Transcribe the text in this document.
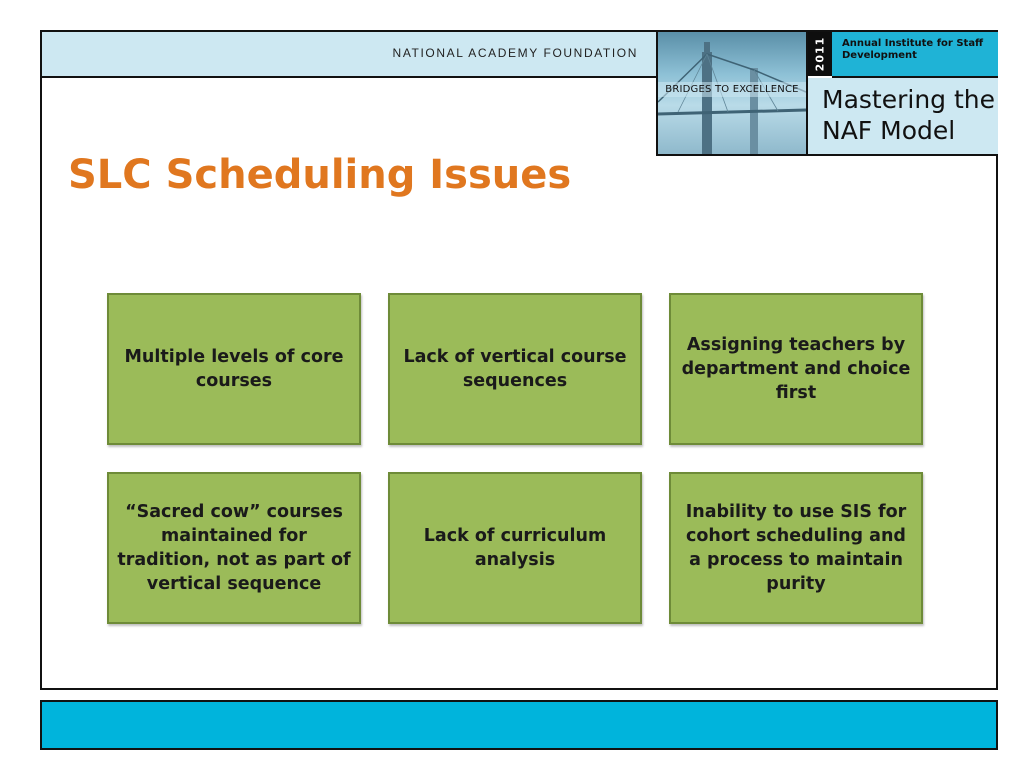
NATIONAL ACADEMY FOUNDATION
BRIDGES TO EXCELLENCE
2011 Annual Institute for Staff Development
Mastering the
NAF Model
SLC Scheduling Issues
Multiple levels of core courses
Lack of vertical course sequences
Assigning teachers by department and choice first
“Sacred cow” courses maintained for tradition, not as part of vertical sequence
Lack of curriculum analysis
Inability to use SIS for cohort scheduling and a process to maintain purity
